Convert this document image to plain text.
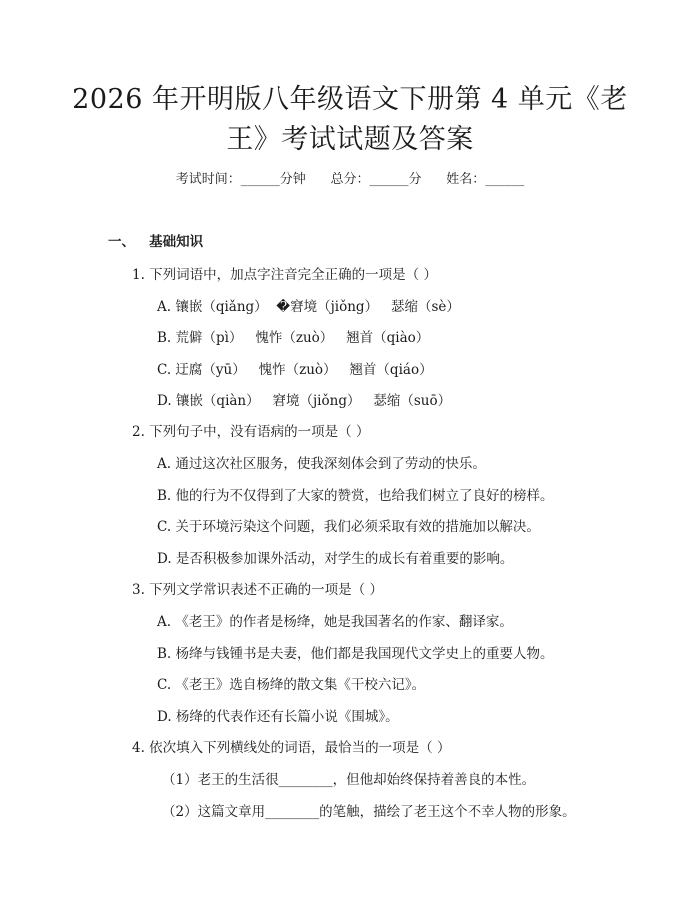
2026 年开明版八年级语文下册第 4 单元《老
王》考试试题及答案
考试时间：______分钟      总分：______分      姓名：______
一、   基础知识
1. 下列词语中，加点字注音完全正确的一项是（ ）
A. 镶嵌（qiǎng）  �窘境（jiǒng）   瑟缩（sè）
B. 荒僻（pì）   愧怍（zuò）   翘首（qiào）
C. 迂腐（yū）   愧怍（zuò）   翘首（qiáo）
D. 镶嵌（qiàn）   窘境（jiǒng）   瑟缩（suō）
2. 下列句子中，没有语病的一项是（ ）
A. 通过这次社区服务，使我深刻体会到了劳动的快乐。
B. 他的行为不仅得到了大家的赞赏，也给我们树立了良好的榜样。
C. 关于环境污染这个问题，我们必须采取有效的措施加以解决。
D. 是否积极参加课外活动，对学生的成长有着重要的影响。
3. 下列文学常识表述不正确的一项是（ ）
A. 《老王》的作者是杨绛，她是我国著名的作家、翻译家。
B. 杨绛与钱锺书是夫妻，他们都是我国现代文学史上的重要人物。
C. 《老王》选自杨绛的散文集《干校六记》。
D. 杨绛的代表作还有长篇小说《围城》。
4. 依次填入下列横线处的词语，最恰当的一项是（ ）
（1）老王的生活很________，但他却始终保持着善良的本性。
（2）这篇文章用________的笔触，描绘了老王这个不幸人物的形象。
